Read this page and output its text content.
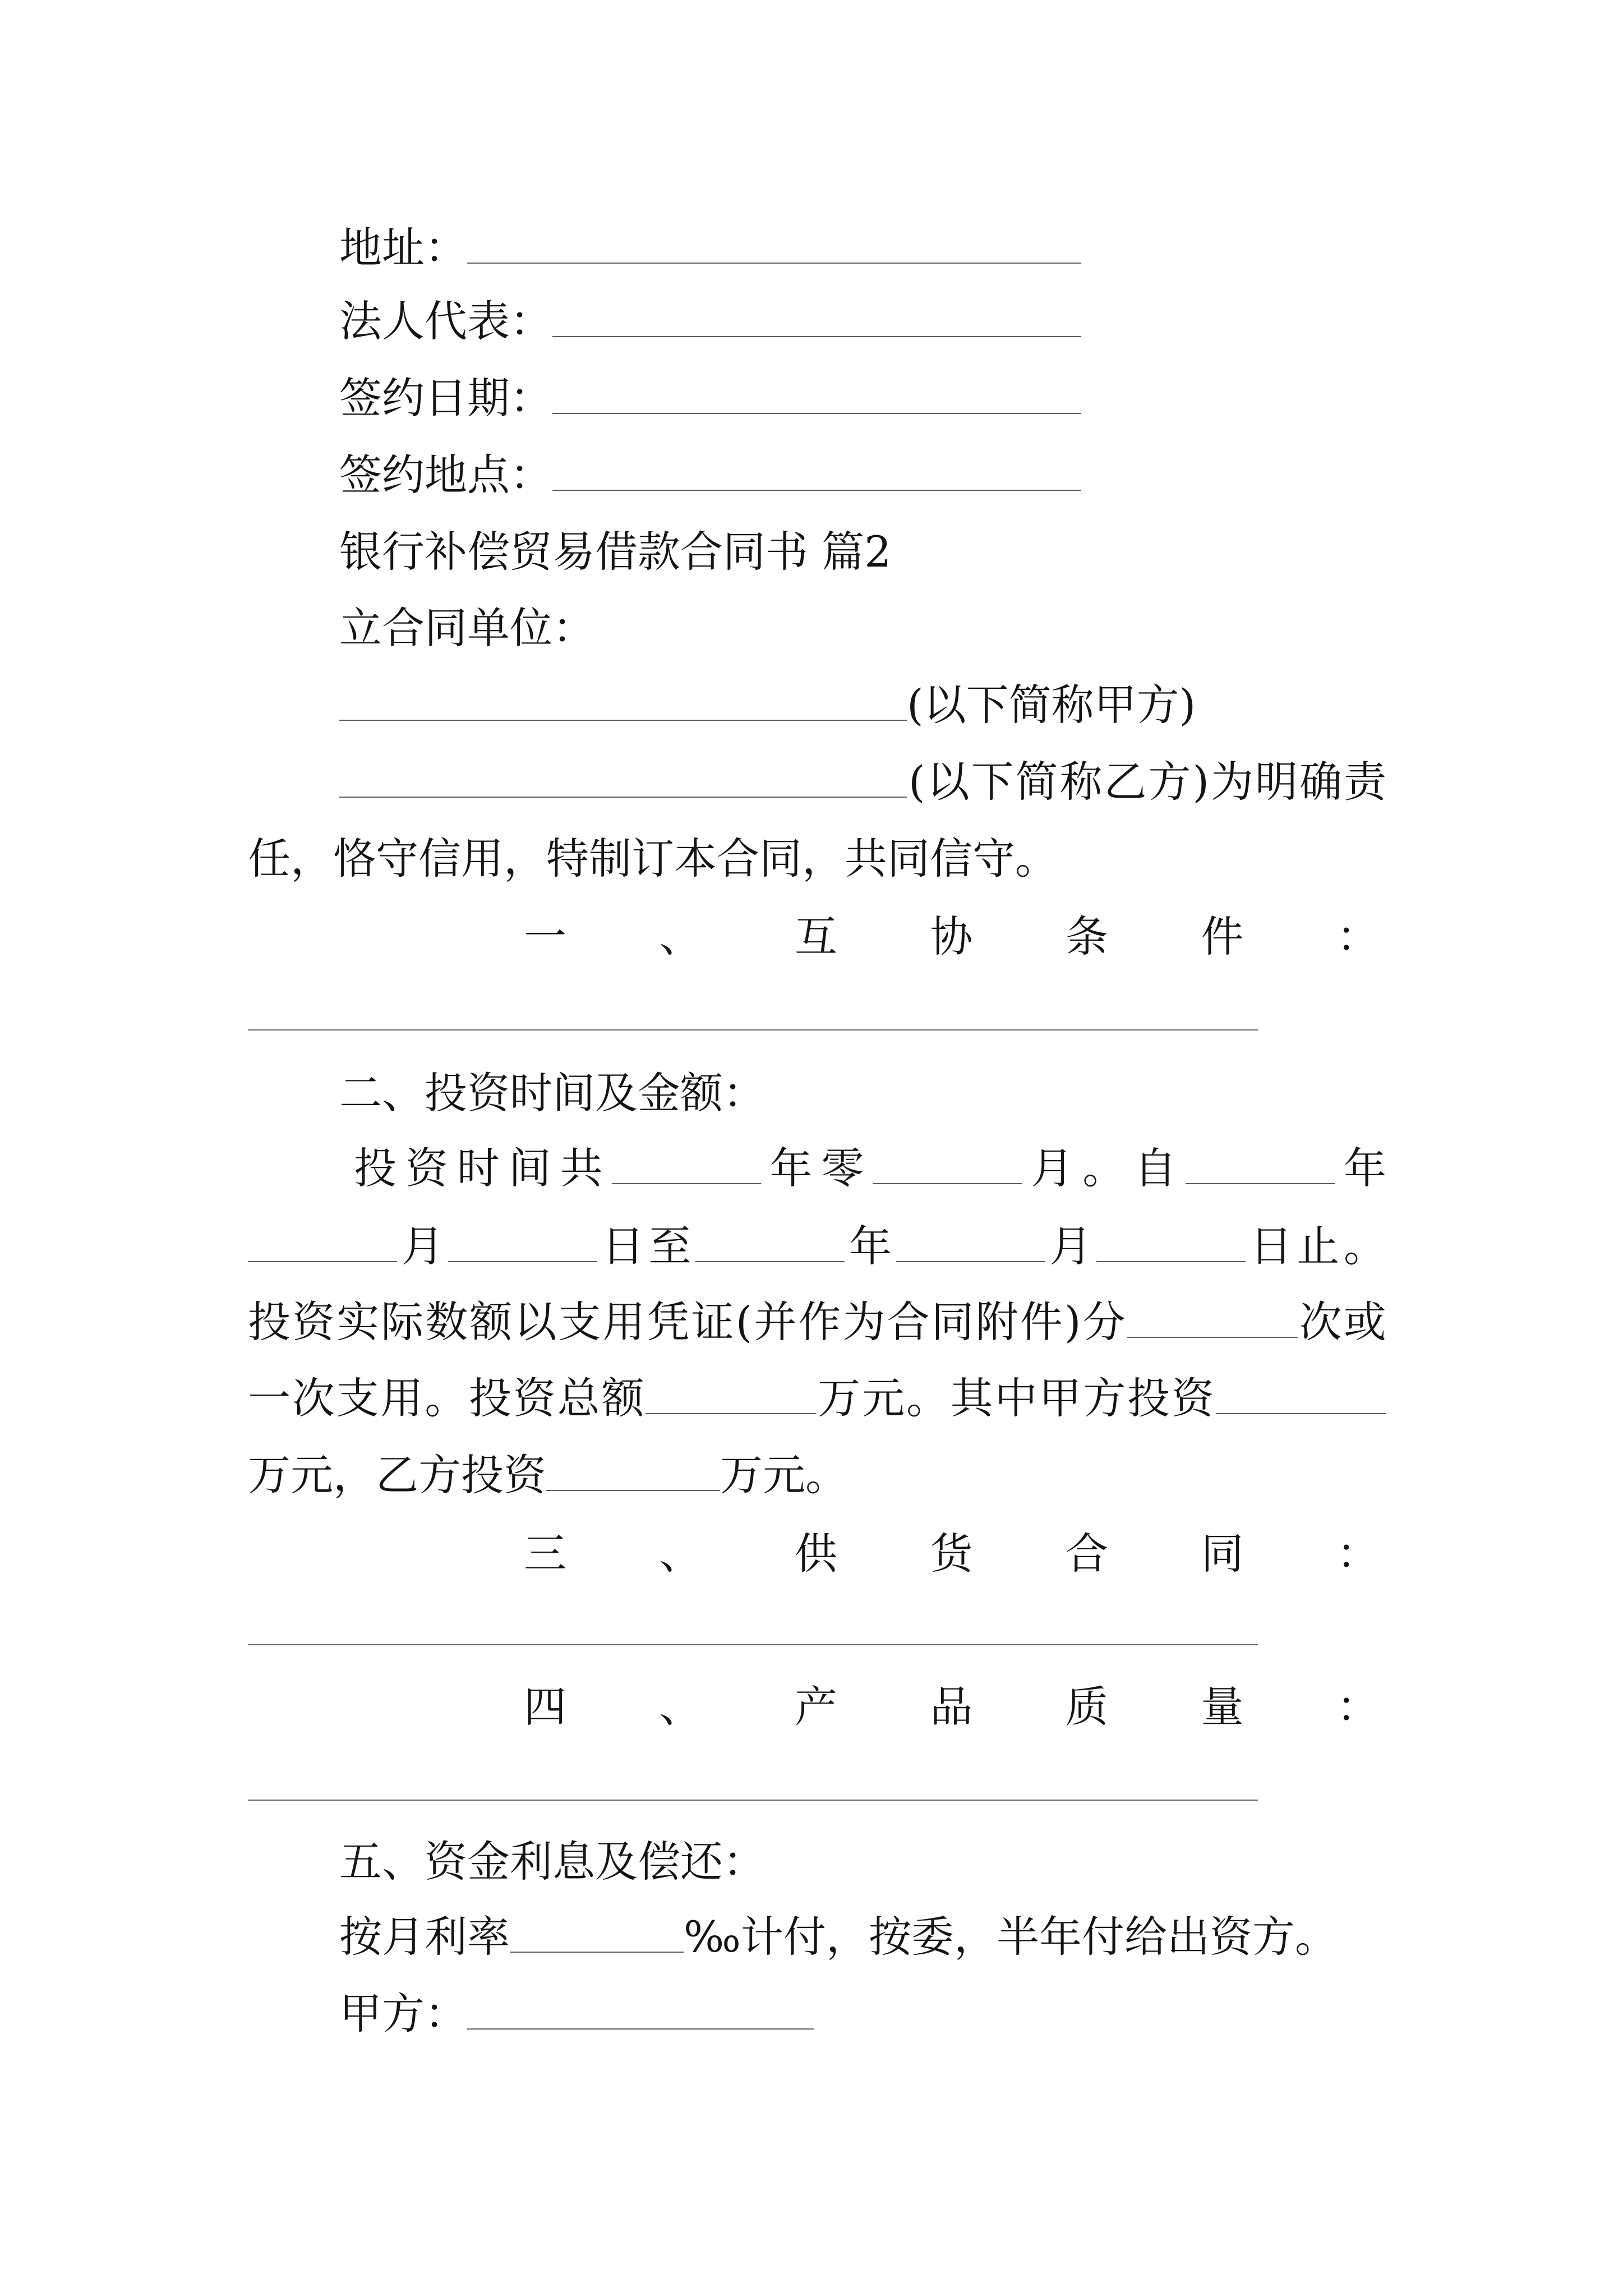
地址：
法人代表：
签约日期：
签约地点：
银行补偿贸易借款合同书 篇2
立合同单位：
(以下简称甲方)
( 以 下 简 称 乙 方 ) 为 明 确 责
任，恪守信用，特制订本合同，共同信守。
一 、 互 协 条 件 ：
二、投资时间及金额：
投 资 时 间 共	年 零	月 。 自	年
月	日 至	年	月	日 止 。
投 资 实 际 数 额 以 支 用 凭 证 ( 并 作 为 合 同 附 件 ) 分	次 或
一 次 支 用 。 投 资 总 额	万 元 。 其 中 甲 方 投 资
万元，乙方投资	万元。
三 、 供 货 合 同 ：
四 、 产 品 质 量 ：
五、资金利息及偿还：
按月利率	‰计付，按委，半年付给出资方。
甲方：
